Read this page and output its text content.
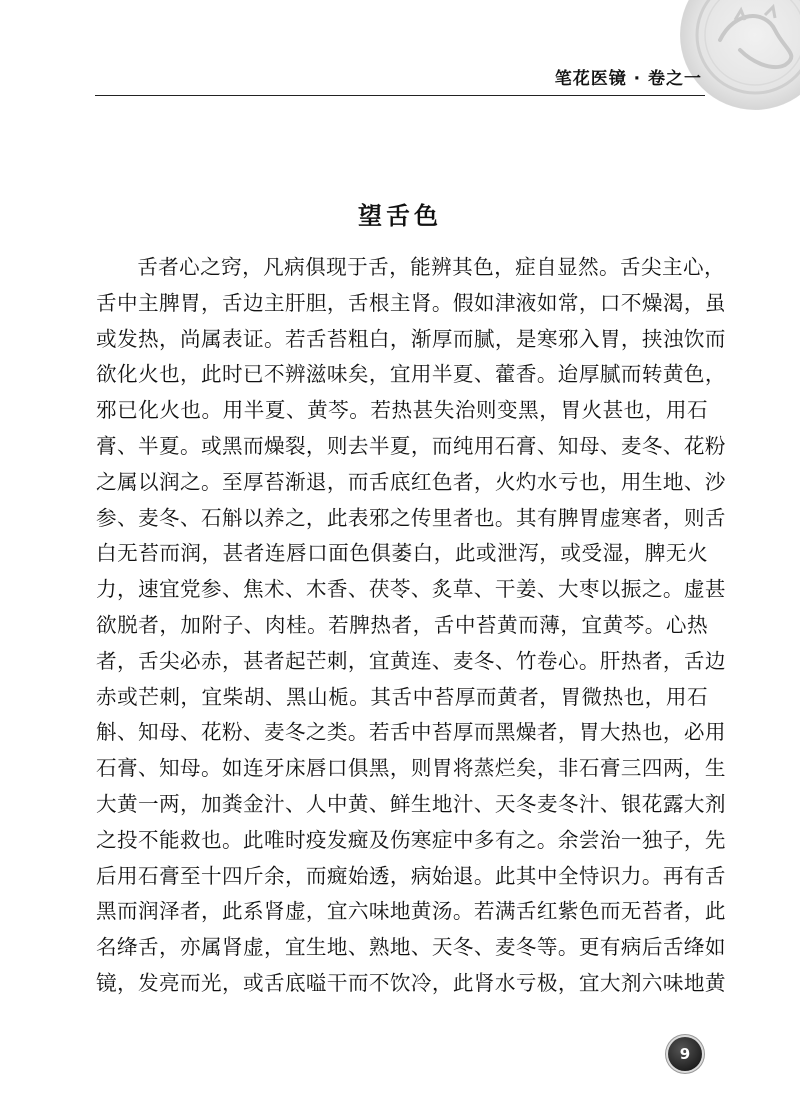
笔花医镜 · 卷之一
望舌色
舌者心之窍，凡病俱现于舌，能辨其色，症自显然。舌尖主心，
舌中主脾胃，舌边主肝胆，舌根主肾。假如津液如常，口不燥渴，虽
或发热，尚属表证。若舌苔粗白，渐厚而腻，是寒邪入胃，挟浊饮而
欲化火也，此时已不辨滋味矣，宜用半夏、藿香。迨厚腻而转黄色，
邪已化火也。用半夏、黄芩。若热甚失治则变黑，胃火甚也，用石
膏、半夏。或黑而燥裂，则去半夏，而纯用石膏、知母、麦冬、花粉
之属以润之。至厚苔渐退，而舌底红色者，火灼水亏也，用生地、沙
参、麦冬、石斛以养之，此表邪之传里者也。其有脾胃虚寒者，则舌
白无苔而润，甚者连唇口面色俱萎白，此或泄泻，或受湿，脾无火
力，速宜党参、焦术、木香、茯苓、炙草、干姜、大枣以振之。虚甚
欲脱者，加附子、肉桂。若脾热者，舌中苔黄而薄，宜黄芩。心热
者，舌尖必赤，甚者起芒刺，宜黄连、麦冬、竹卷心。肝热者，舌边
赤或芒刺，宜柴胡、黑山栀。其舌中苔厚而黄者，胃微热也，用石
斛、知母、花粉、麦冬之类。若舌中苔厚而黑燥者，胃大热也，必用
石膏、知母。如连牙床唇口俱黑，则胃将蒸烂矣，非石膏三四两，生
大黄一两，加粪金汁、人中黄、鲜生地汁、天冬麦冬汁、银花露大剂
之投不能救也。此唯时疫发癍及伤寒症中多有之。余尝治一独子，先
后用石膏至十四斤余，而癍始透，病始退。此其中全恃识力。再有舌
黑而润泽者，此系肾虚，宜六味地黄汤。若满舌红紫色而无苔者，此
名绛舌，亦属肾虚，宜生地、熟地、天冬、麦冬等。更有病后舌绛如
镜，发亮而光，或舌底嗌干而不饮冷，此肾水亏极，宜大剂六味地黄
9
